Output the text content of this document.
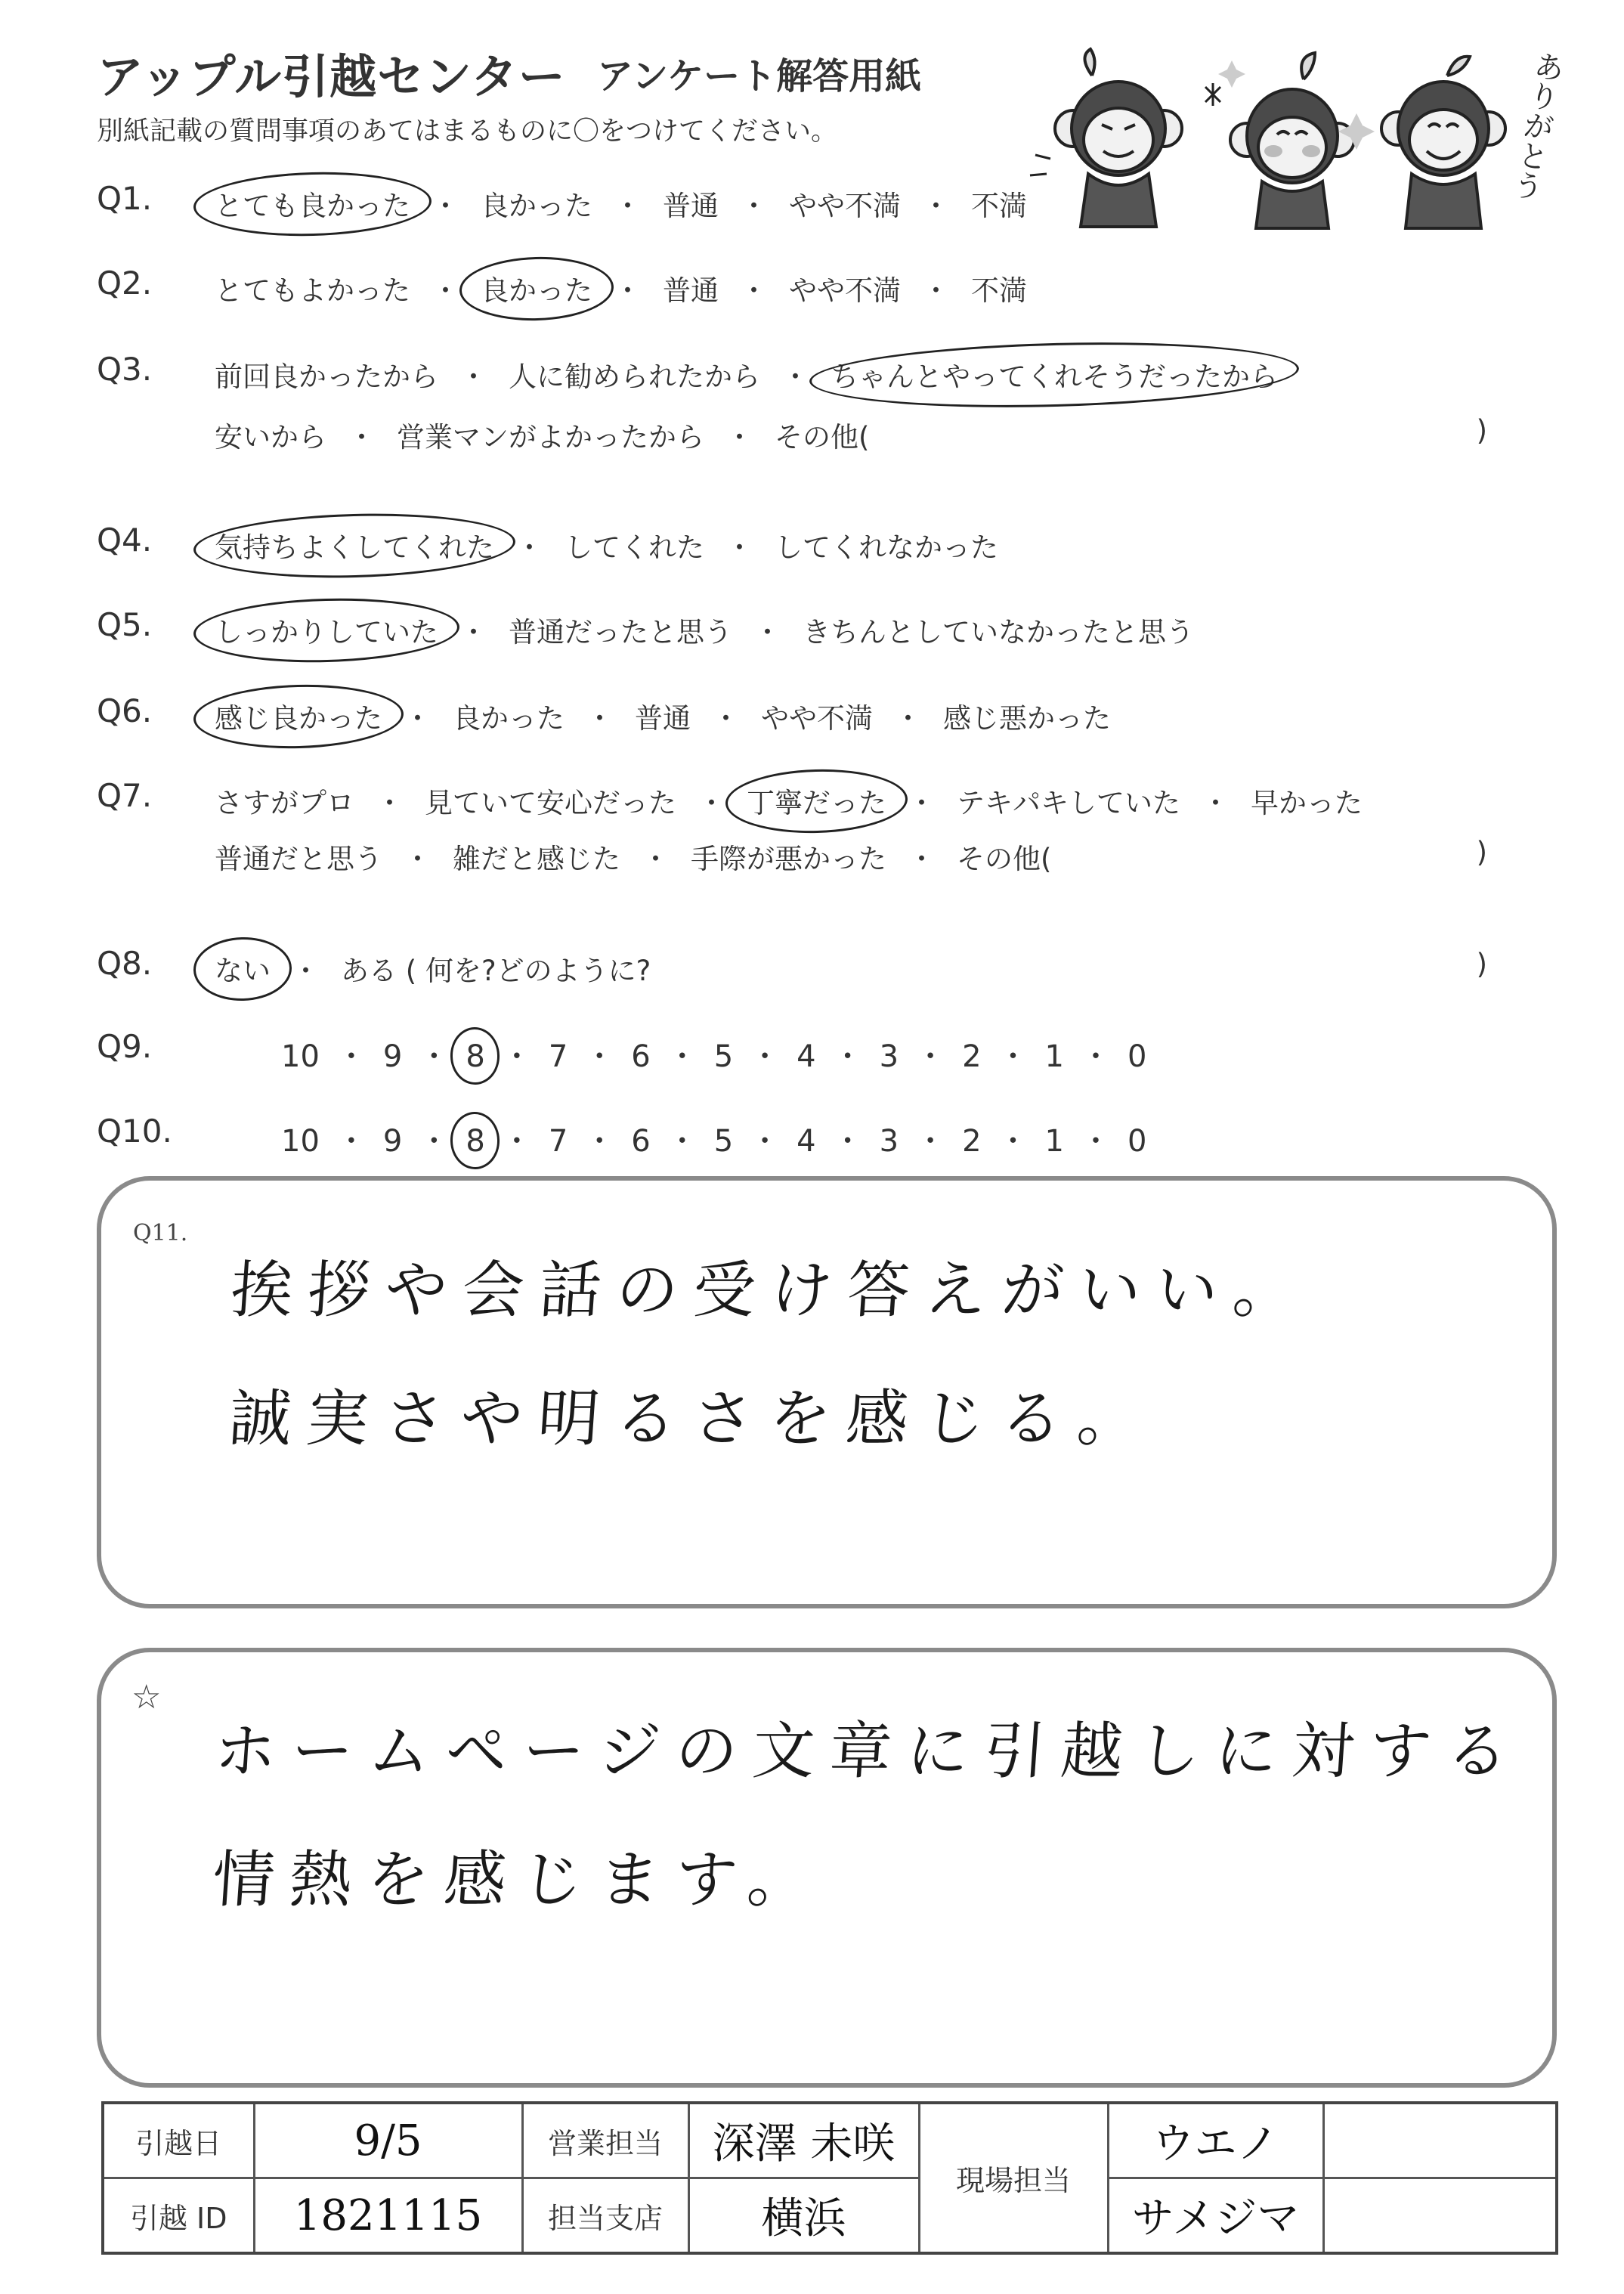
アップル引越センター アンケート解答用紙
別紙記載の質問事項のあてはまるものに〇をつけてください。	ありがとう
Q1. とても良かった ・ 良かった ・ 普通 ・ やや不満 ・ 不満
Q2. とてもよかった ・ 良かった ・ 普通 ・ やや不満 ・ 不満
Q3. 前回良かったから ・ 人に勧められたから ・ ちゃんとやってくれそうだったから
安いから ・ 営業マンがよかったから ・ その他(	)
Q4. 気持ちよくしてくれた ・ してくれた ・ してくれなかった
Q5. しっかりしていた ・ 普通だったと思う ・ きちんとしていなかったと思う
Q6. 感じ良かった ・ 良かった ・ 普通 ・ やや不満 ・ 感じ悪かった
Q7. さすがプロ ・ 見ていて安心だった ・ 丁寧だった ・ テキパキしていた ・ 早かった
普通だと思う ・ 雑だと感じた ・ 手際が悪かった ・ その他(	)
Q8. ない ・ ある ( 何を?どのように?	)
Q9.	10 ・ 9 ・ 8 ・ 7 ・ 6 ・ 5 ・ 4 ・ 3 ・ 2 ・ 1 ・ 0
Q10.	10 ・ 9 ・ 8 ・ 7 ・ 6 ・ 5 ・ 4 ・ 3 ・ 2 ・ 1 ・ 0
Q11.
挨拶や会話の受け答えがいい。
誠実さや明るさを感じる。
☆
ホームページの文章に引越しに対する
情熱を感じます。
引越日	9/5	営業担当	深澤 未咲	現場担当	ウエノ	
引越 ID	1821115	担当支店	横浜		サメジマ	
